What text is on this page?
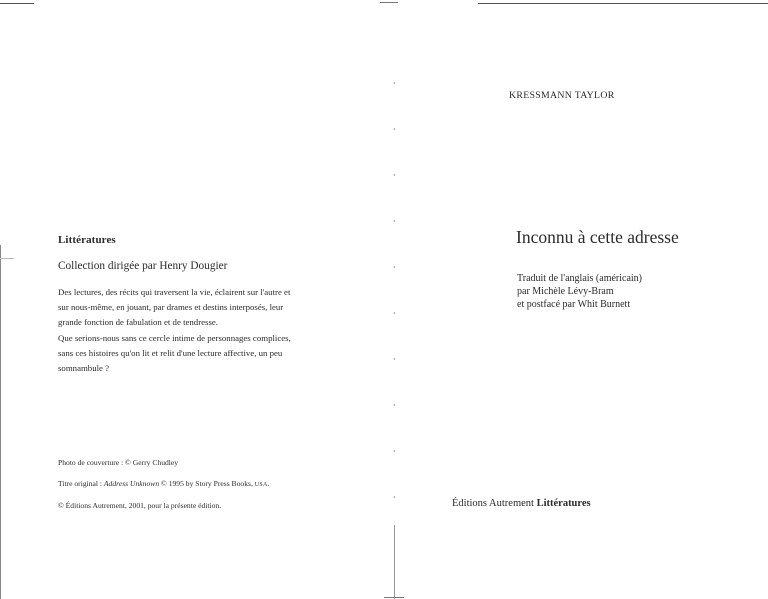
Littératures
Collection dirigée par Henry Dougier
Des lectures, des récits qui traversent la vie, éclairent sur l'autre et
sur nous-même, en jouant, par drames et destins interposés, leur
grande fonction de fabulation et de tendresse.
Que serions-nous sans ce cercle intime de personnages complices,
sans ces histoires qu'on lit et relit d'une lecture affective, un peu
somnambule ?
Photo de couverture : © Gerry Chudley
Titre original : Address Unknown © 1995 by Story Press Books, USA.
© Éditions Autrement, 2001, pour la présente édition.
KRESSMANN TAYLOR
Inconnu à cette adresse
Traduit de l'anglais (américain)
par Michèle Lévy-Bram
et postfacé par Whit Burnett
Éditions Autrement Littératures
